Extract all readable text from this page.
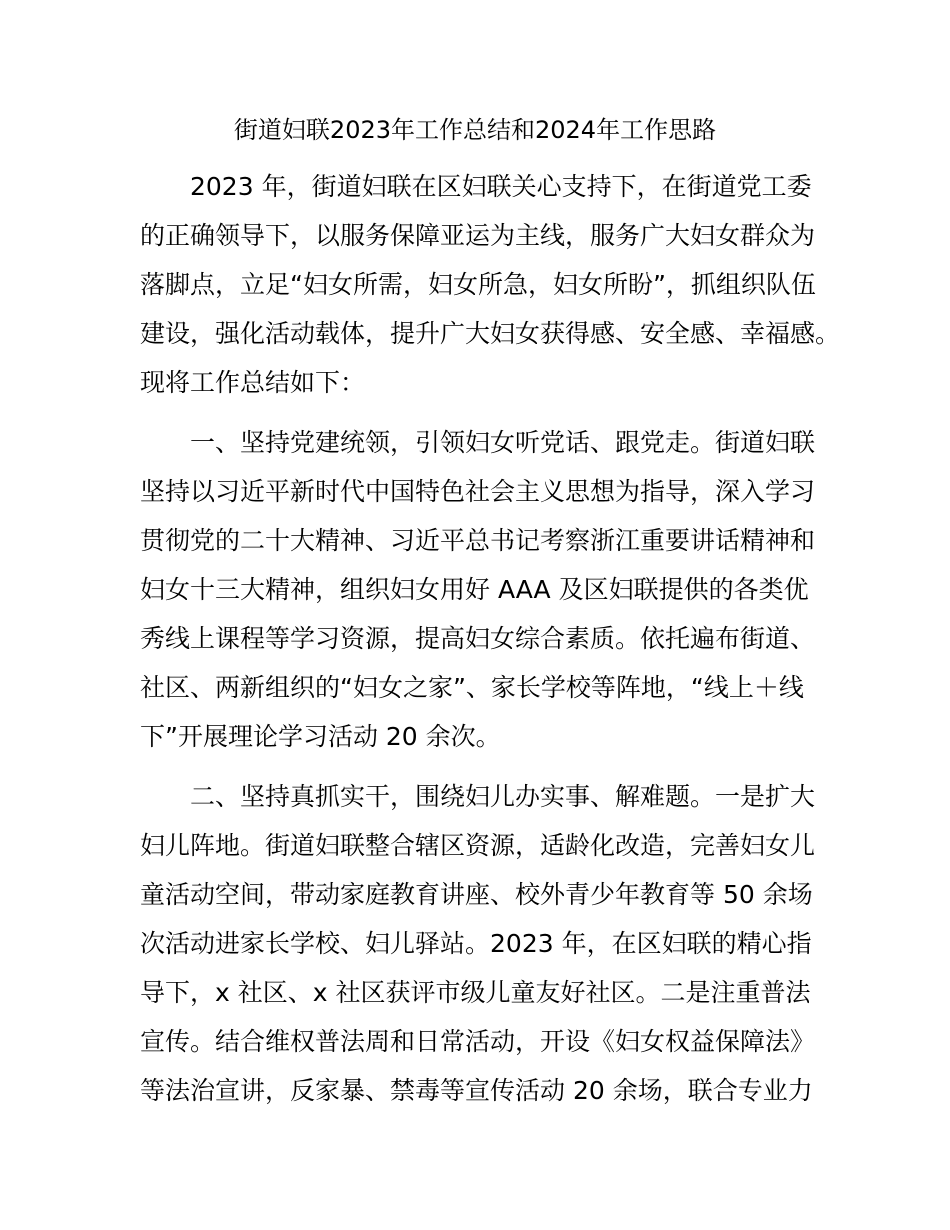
街道妇联2023年工作总结和2024年工作思路
2023 年，街道妇联在区妇联关心支持下，在街道党工委
的正确领导下，以服务保障亚运为主线，服务广大妇女群众为
落脚点，立足“妇女所需，妇女所急，妇女所盼”，抓组织队伍
建设，强化活动载体，提升广大妇女获得感、安全感、幸福感。
现将工作总结如下：
一、坚持党建统领，引领妇女听党话、跟党走。街道妇联
坚持以习近平新时代中国特色社会主义思想为指导，深入学习
贯彻党的二十大精神、习近平总书记考察浙江重要讲话精神和
妇女十三大精神，组织妇女用好 AAA 及区妇联提供的各类优
秀线上课程等学习资源，提高妇女综合素质。依托遍布街道、
社区、两新组织的“妇女之家”、家长学校等阵地，“线上＋线
下”开展理论学习活动 20 余次。
二、坚持真抓实干，围绕妇儿办实事、解难题。一是扩大
妇儿阵地。街道妇联整合辖区资源，适龄化改造，完善妇女儿
童活动空间，带动家庭教育讲座、校外青少年教育等 50 余场
次活动进家长学校、妇儿驿站。2023 年，在区妇联的精心指
导下，x 社区、x 社区获评市级儿童友好社区。二是注重普法
宣传。结合维权普法周和日常活动，开设《妇女权益保障法》
等法治宣讲，反家暴、禁毒等宣传活动 20 余场，联合专业力
